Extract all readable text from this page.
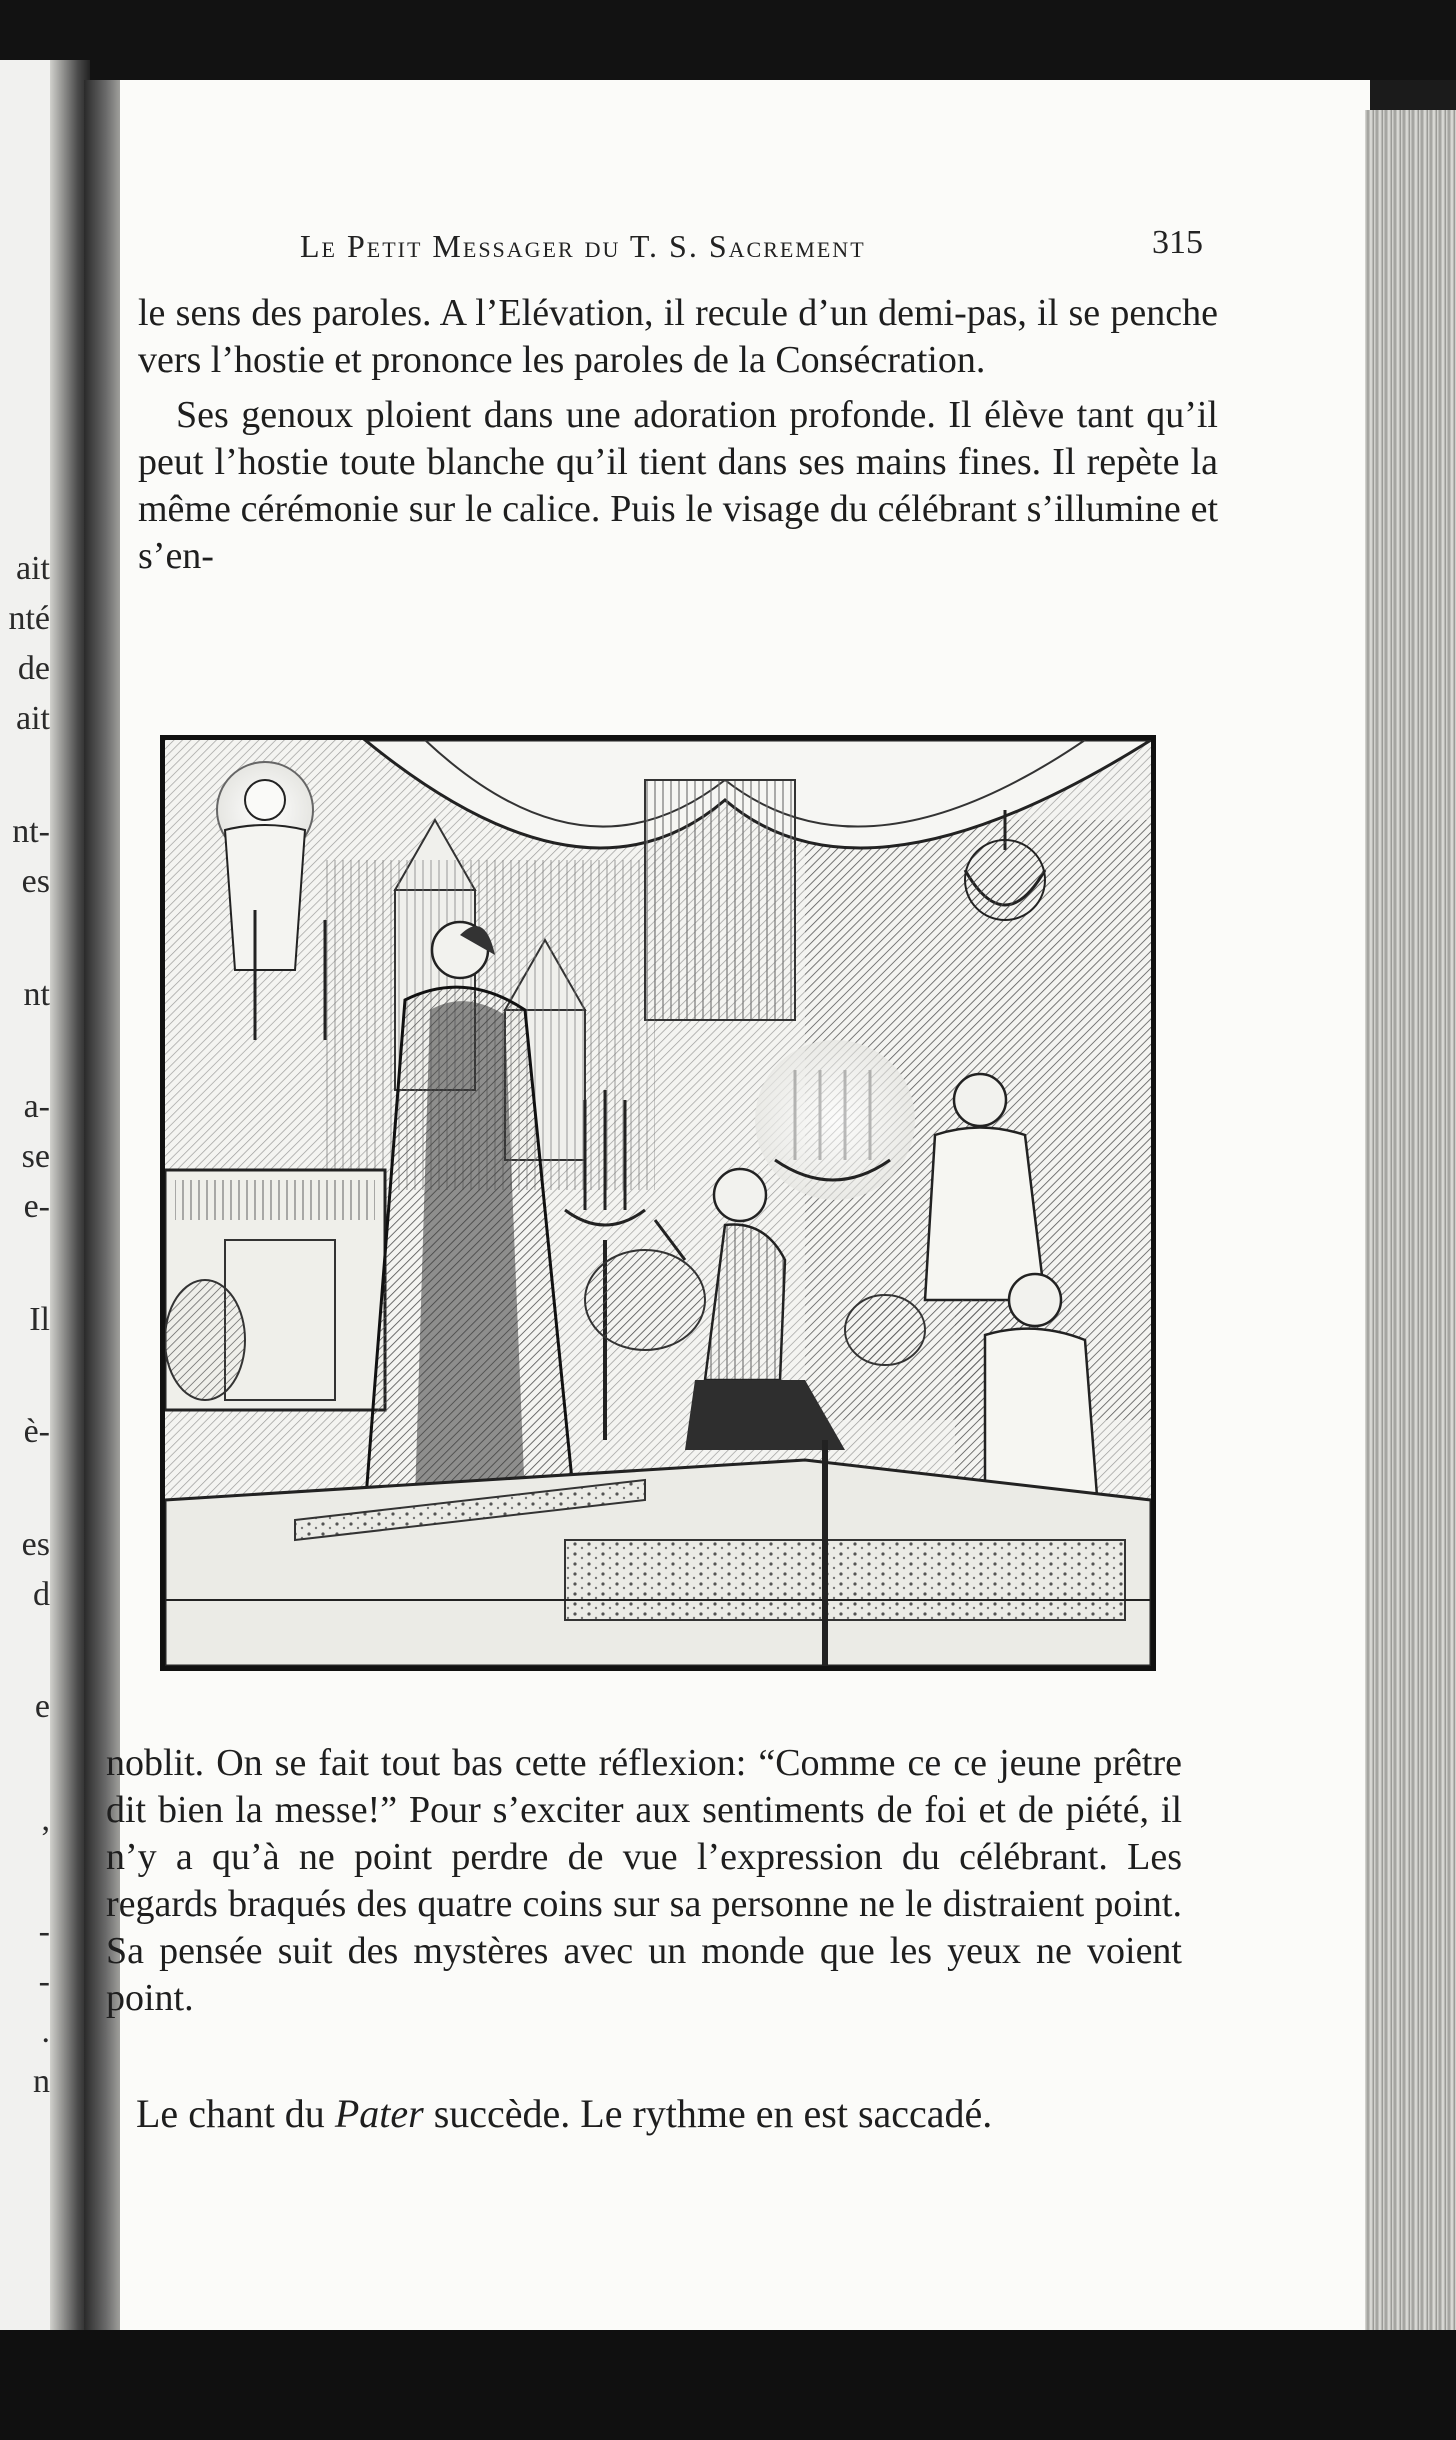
ait
nté
de
ait
nt-
es
nt
a-
se
e-
Il
è-
es
d
e
,
-
-
.
n
Le Petit Messager du T. S. Sacrement	315

le sens des paroles. A l’Elévation, il recule d’un demi-pas, il se penche vers l’hostie et prononce les paroles de la Consécration.

Ses genoux ploient dans une adoration profonde. Il élève tant qu’il peut l’hostie toute blanche qu’il tient dans ses mains fines. Il repète la même cérémonie sur le calice. Puis le visage du célébrant s’illumine et s’en-

noblit. On se fait tout bas cette réflexion: “Comme ce ce jeune prêtre dit bien la messe!” Pour s’exciter aux sentiments de foi et de piété, il n’y a qu’à ne point perdre de vue l’expression du célébrant. Les regards braqués des quatre coins sur sa personne ne le distraient point. Sa pensée suit des mystères avec un monde que les yeux ne voient point.

Le chant du Pater succède. Le rythme en est saccadé.
